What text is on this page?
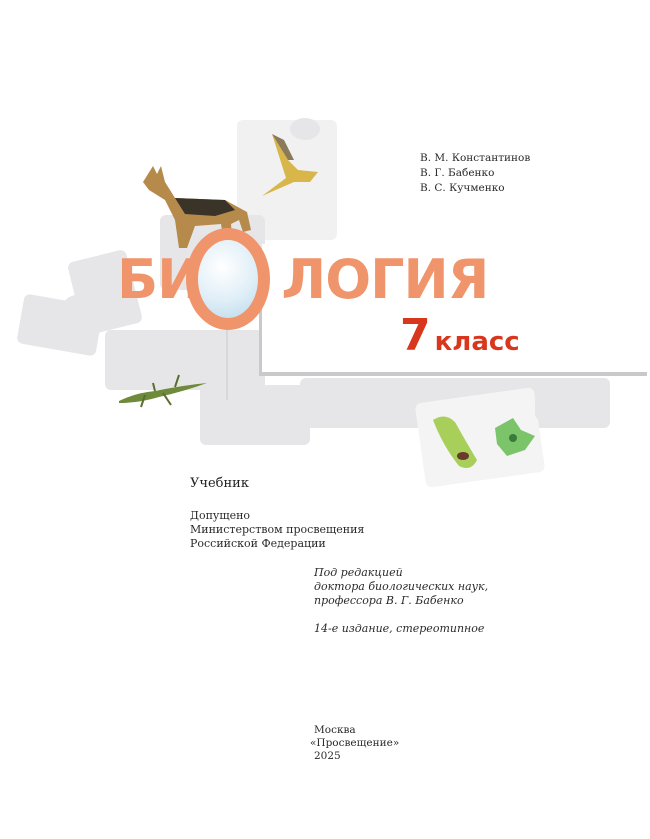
В. М. Константинов
В. Г. Бабенко
В. С. Кучменко
БИ ЛОГИЯ
7 класс
Учебник
Допущено
Министерством просвещения
Российской Федерации
Под редакцией
доктора биологических наук,
профессора В. Г. Бабенко
14-е издание, стереотипное
Москва
«Просвещение»
2025
